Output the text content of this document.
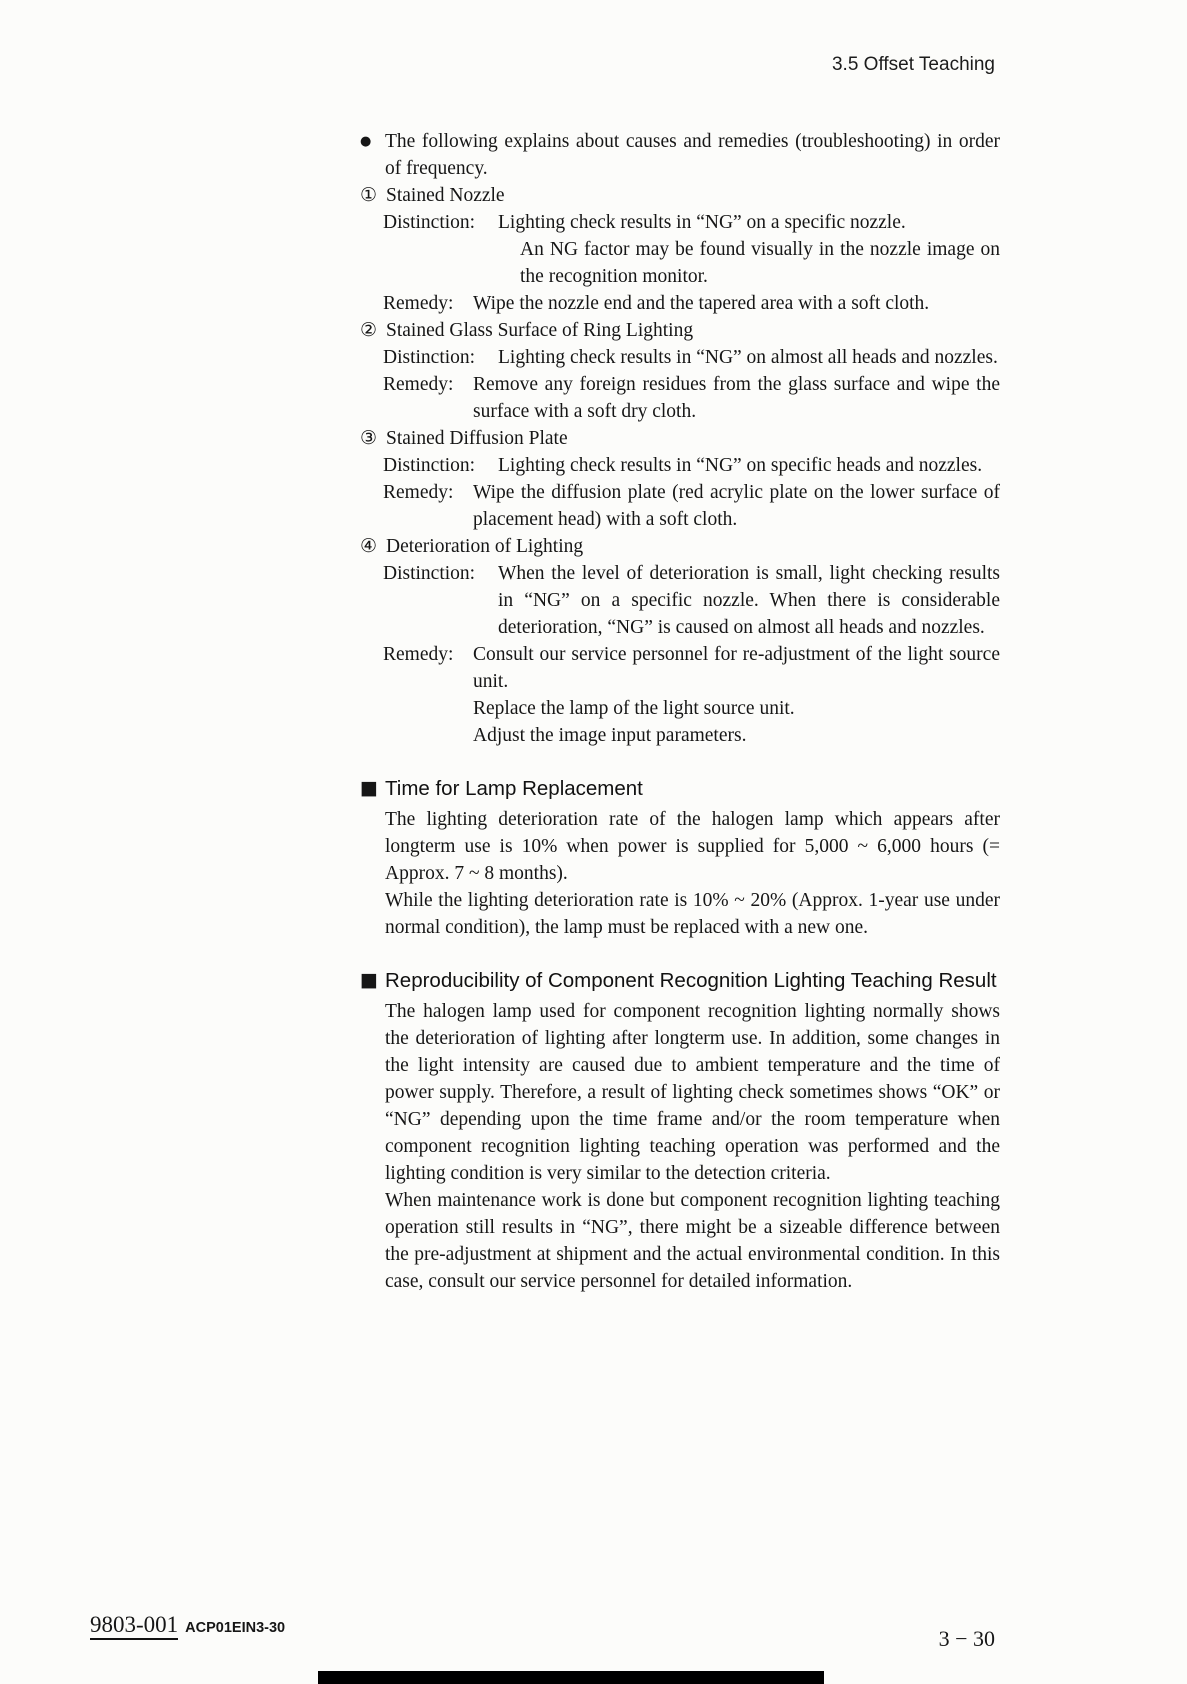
3.5 Offset Teaching
● The following explains about causes and remedies (troubleshooting) in order of frequency.

① Stained Nozzle
Distinction:	Lighting check results in “NG” on a specific nozzle.

An NG factor may be found visually in the nozzle image on the recognition monitor.

Remedy:	Wipe the nozzle end and the tapered area with a soft cloth.

② Stained Glass Surface of Ring Lighting
Distinction:	Lighting check results in “NG” on almost all heads and nozzles.

Remedy:	Remove any foreign residues from the glass surface and wipe the surface with a soft dry cloth.

③ Stained Diffusion Plate
Distinction:	Lighting check results in “NG” on specific heads and nozzles.

Remedy:	Wipe the diffusion plate (red acrylic plate on the lower surface of placement head) with a soft cloth.

④ Deterioration of Lighting
Distinction:	When the level of deterioration is small, light checking results in “NG” on a specific nozzle. When there is considerable deterioration, “NG” is caused on almost all heads and nozzles.

Remedy:	Consult our service personnel for re-adjustment of the light source unit.

Replace the lamp of the light source unit.

Adjust the image input parameters.

■ Time for Lamp Replacement

The lighting deterioration rate of the halogen lamp which appears after longterm use is 10% when power is supplied for 5,000 ~ 6,000 hours (= Approx. 7 ~ 8 months).

While the lighting deterioration rate is 10% ~ 20% (Approx. 1-year use under normal condition), the lamp must be replaced with a new one.

■ Reproducibility of Component Recognition Lighting Teaching Result

The halogen lamp used for component recognition lighting normally shows the deterioration of lighting after longterm use. In addition, some changes in the light intensity are caused due to ambient temperature and the time of power supply. Therefore, a result of lighting check sometimes shows “OK” or “NG” depending upon the time frame and/or the room temperature when component recognition lighting teaching operation was performed and the lighting condition is very similar to the detection criteria.

When maintenance work is done but component recognition lighting teaching operation still results in “NG”, there might be a sizeable difference between the pre-adjustment at shipment and the actual environmental condition. In this case, consult our service personnel for detailed information.

9803-001 ACP01EIN3-30	3 − 30
